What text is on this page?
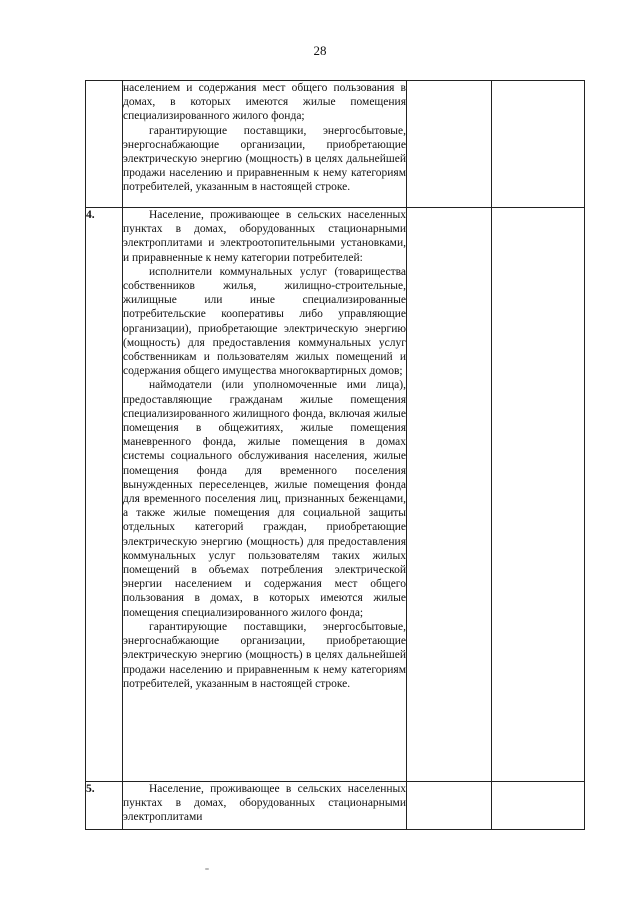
28

	населением и содержания мест общего пользования в домах, в которых имеются жилые помещения специализированного жилого фонда;

гарантирующие поставщики, энергосбытовые, энергоснабжающие организации, приобретающие электрическую энергию (мощность) в целях дальнейшей продажи населению и приравненным к нему категориям потребителей, указанным в настоящей строке.		

4.	Население, проживающее в сельских населенных пунктах в домах, оборудованных стационарными электроплитами и электроотопительными установками, и приравненные к нему категории потребителей:

исполнители коммунальных услуг (товарищества собственников жилья, жилищно-строительные, жилищные или иные специализированные потребительские кооперативы либо управляющие организации), приобретающие электрическую энергию (мощность) для предоставления коммунальных услуг собственникам и пользователям жилых помещений и содержания общего имущества многоквартирных домов;

наймодатели (или уполномоченные ими лица), предоставляющие гражданам жилые помещения специализированного жилищного фонда, включая жилые помещения в общежитиях, жилые помещения маневренного фонда, жилые помещения в домах системы социального обслуживания населения, жилые помещения фонда для временного поселения вынужденных переселенцев, жилые помещения фонда для временного поселения лиц, признанных беженцами, а также жилые помещения для социальной защиты отдельных категорий граждан, приобретающие электрическую энергию (мощность) для предоставления коммунальных услуг пользователям таких жилых помещений в объемах потребления электрической энергии населением и содержания мест общего пользования в домах, в которых имеются жилые помещения специализированного жилого фонда;

гарантирующие поставщики, энергосбытовые, энергоснабжающие организации, приобретающие электрическую энергию (мощность) в целях дальнейшей продажи населению и приравненным к нему категориям потребителей, указанным в настоящей строке.		

5.	Население, проживающее в сельских населенных пунктах в домах, оборудованных стационарными электроплитами		
